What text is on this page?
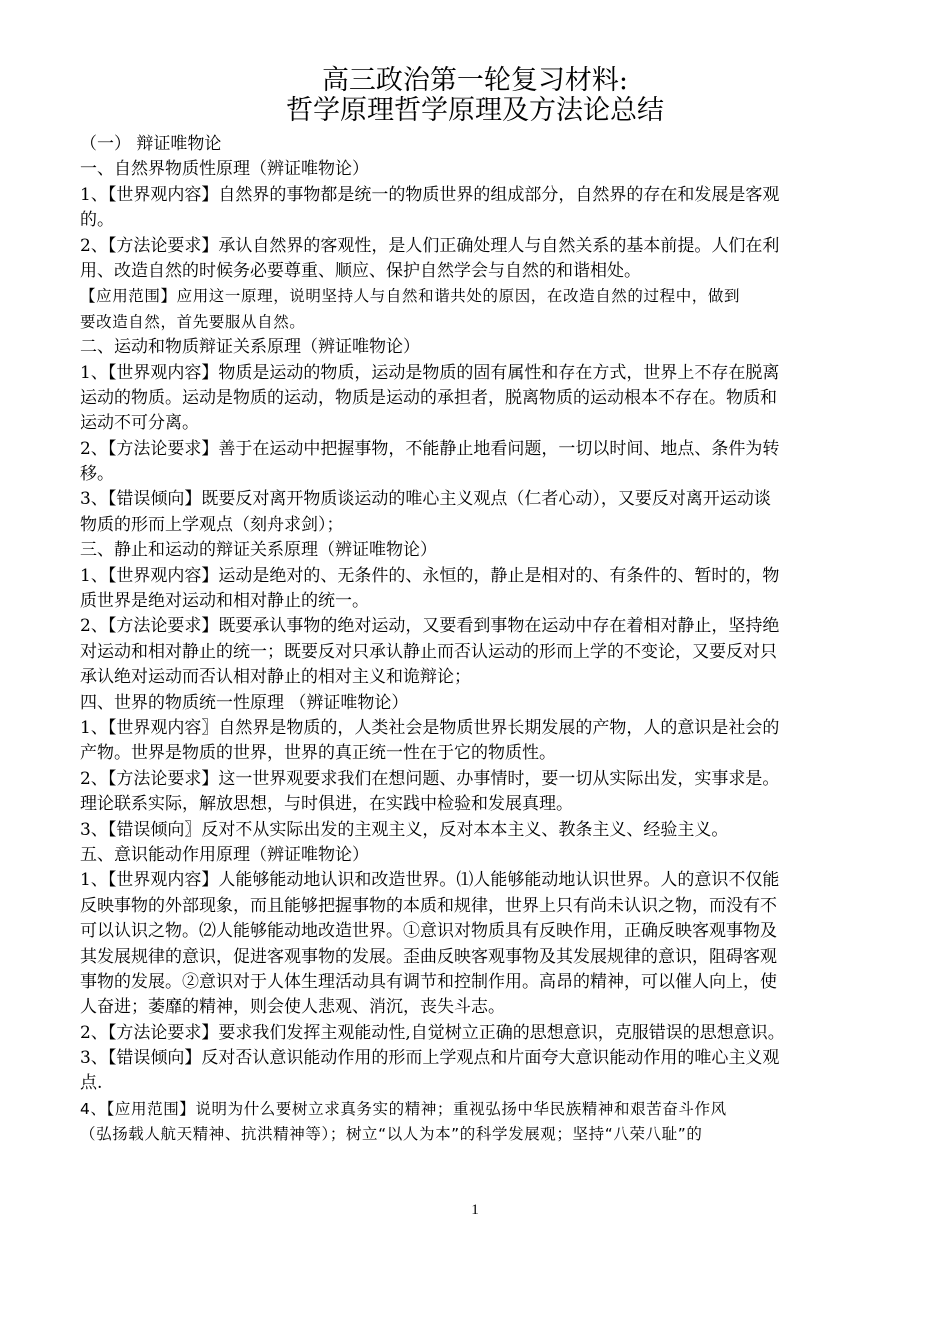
高三政治第一轮复习材料:
哲学原理哲学原理及方法论总结
（一） 辩证唯物论
一、自然界物质性原理（辨证唯物论）
1、【世界观内容】自然界的事物都是统一的物质世界的组成部分，自然界的存在和发展是客观
的。
2、【方法论要求】承认自然界的客观性，是人们正确处理人与自然关系的基本前提。人们在利
用、改造自然的时候务必要尊重、顺应、保护自然学会与自然的和谐相处。
【应用范围】应用这一原理，说明坚持人与自然和谐共处的原因，在改造自然的过程中，做到
要改造自然，首先要服从自然。
二、运动和物质辩证关系原理（辨证唯物论）
1、【世界观内容】物质是运动的物质，运动是物质的固有属性和存在方式，世界上不存在脱离
运动的物质。运动是物质的运动，物质是运动的承担者，脱离物质的运动根本不存在。物质和
运动不可分离。
2、【方法论要求】善于在运动中把握事物，不能静止地看问题，一切以时间、地点、条件为转
移。
3、【错误倾向】既要反对离开物质谈运动的唯心主义观点（仁者心动），又要反对离开运动谈
物质的形而上学观点（刻舟求剑）；
三、静止和运动的辩证关系原理（辨证唯物论）
1、【世界观内容】运动是绝对的、无条件的、永恒的，静止是相对的、有条件的、暂时的，物
质世界是绝对运动和相对静止的统一。
2、【方法论要求】既要承认事物的绝对运动，又要看到事物在运动中存在着相对静止，坚持绝
对运动和相对静止的统一；既要反对只承认静止而否认运动的形而上学的不变论，又要反对只
承认绝对运动而否认相对静止的相对主义和诡辩论；
四、世界的物质统一性原理 （辨证唯物论）
1、【世界观内容〗自然界是物质的，人类社会是物质世界长期发展的产物，人的意识是社会的
产物。世界是物质的世界，世界的真正统一性在于它的物质性。
2、【方法论要求】这一世界观要求我们在想问题、办事情时，要一切从实际出发，实事求是。
理论联系实际，解放思想，与时俱进，在实践中检验和发展真理。
3、【错误倾向〗反对不从实际出发的主观主义，反对本本主义、教条主义、经验主义。
五、意识能动作用原理（辨证唯物论）
1、【世界观内容】人能够能动地认识和改造世界。⑴人能够能动地认识世界。人的意识不仅能
反映事物的外部现象，而且能够把握事物的本质和规律，世界上只有尚未认识之物，而没有不
可以认识之物。⑵人能够能动地改造世界。①意识对物质具有反映作用，正确反映客观事物及
其发展规律的意识，促进客观事物的发展。歪曲反映客观事物及其发展规律的意识，阻碍客观
事物的发展。②意识对于人体生理活动具有调节和控制作用。高昂的精神，可以催人向上，使
人奋进；萎靡的精神，则会使人悲观、消沉，丧失斗志。
2、【方法论要求】要求我们发挥主观能动性,自觉树立正确的思想意识，克服错误的思想意识。
3、【错误倾向】反对否认意识能动作用的形而上学观点和片面夸大意识能动作用的唯心主义观
点.
4、【应用范围】说明为什么要树立求真务实的精神；重视弘扬中华民族精神和艰苦奋斗作风
（弘扬载人航天精神、抗洪精神等）；树立“以人为本”的科学发展观；坚持“八荣八耻”的
1
